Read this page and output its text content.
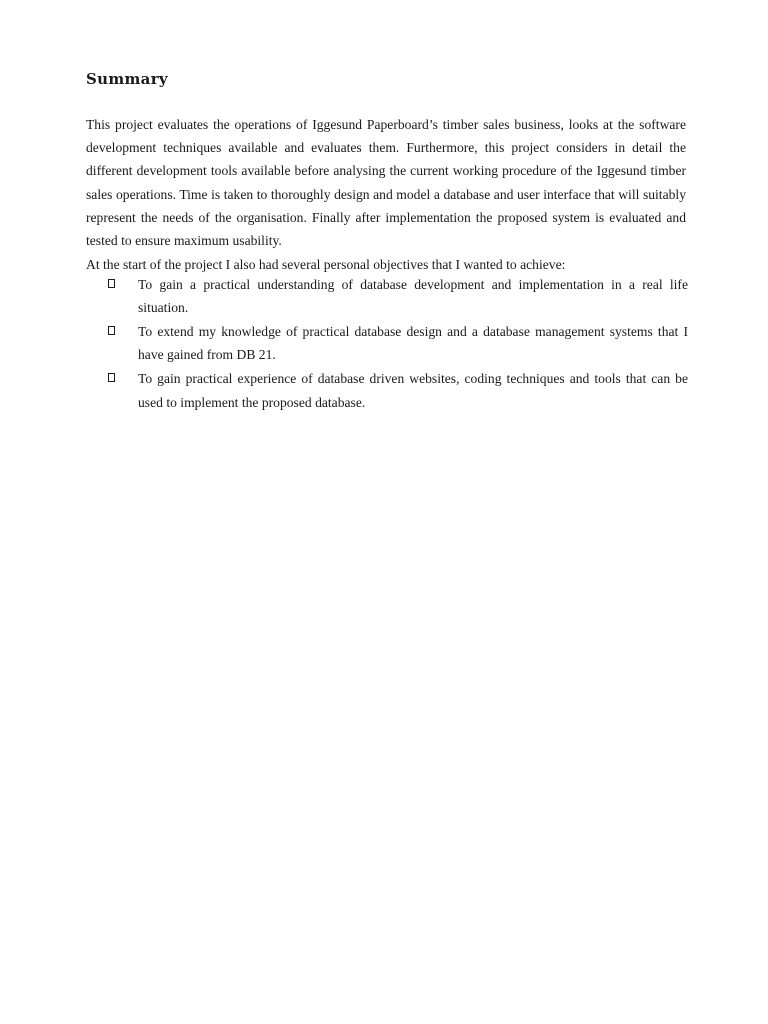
Summary

This project evaluates the operations of Iggesund Paperboard’s timber sales business, looks at the software development techniques available and evaluates them. Furthermore, this project considers in detail the different development tools available before analysing the current working procedure of the Iggesund timber sales operations. Time is taken to thoroughly design and model a database and user interface that will suitably represent the needs of the organisation. Finally after implementation the proposed system is evaluated and tested to ensure maximum usability.

At the start of the project I also had several personal objectives that I wanted to achieve:

To gain a practical understanding of database development and implementation in a real life situation.
To extend my knowledge of practical database design and a database management systems that I have gained from DB 21.
To gain practical experience of database driven websites, coding techniques and tools that can be used to implement the proposed database.
